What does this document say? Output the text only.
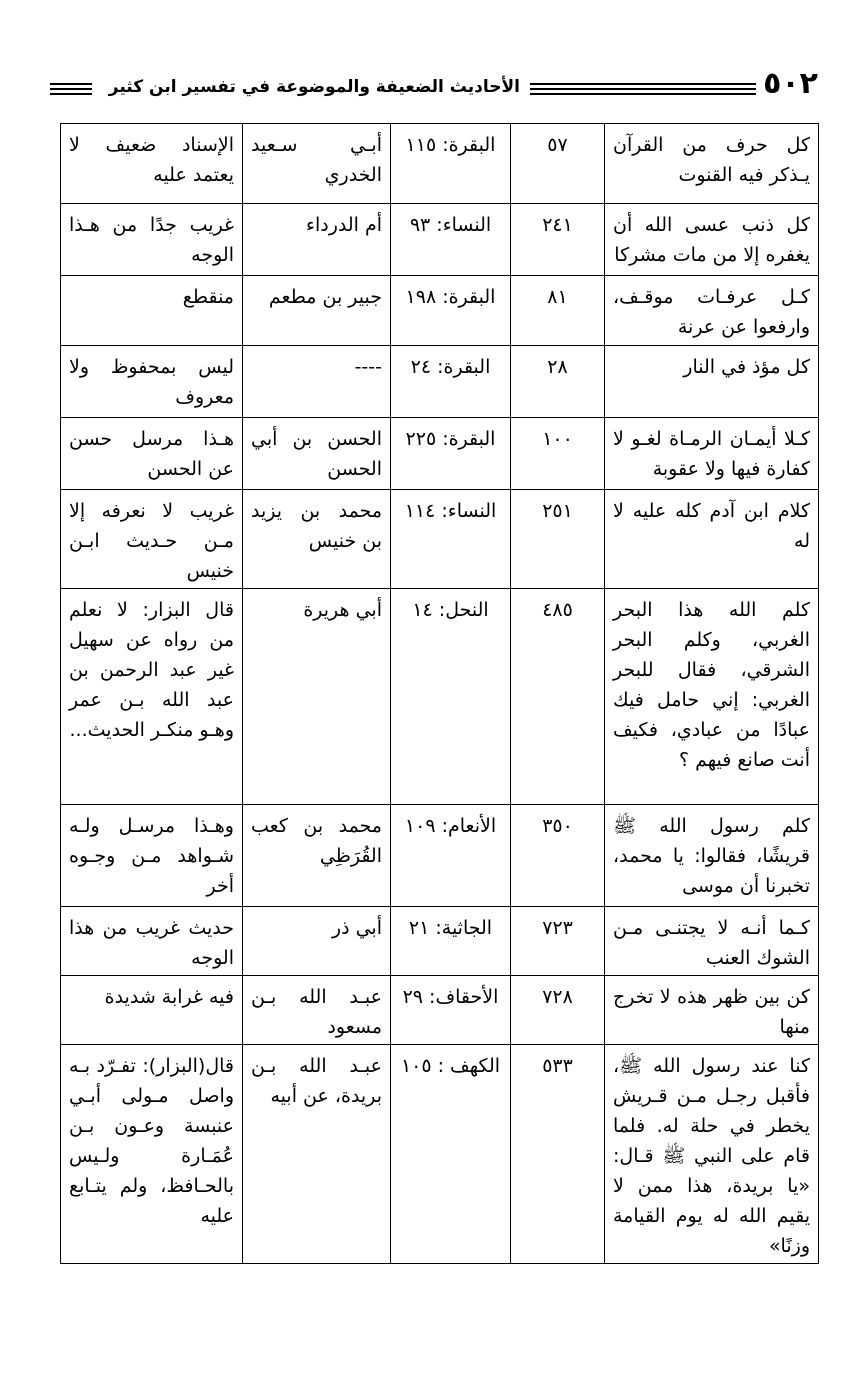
٥٠٢
الأحاديث الضعيفة والموضوعة في تفسير ابن كثير
كل حرف من القرآن يـذكر فيه القنوت	٥٧	البقرة: ١١٥	أبـي سـعيد الخدري	الإسناد ضعيف لا يعتمد عليه
كل ذنب عسى الله أن يغفره إلا من مات مشركا	٢٤١	النساء: ٩٣	أم الدرداء	غريب جدًا من هـذا الوجه
كـل عرفـات موقـف، وارفعوا عن عرنة	٨١	البقرة: ١٩٨	جبير بن مطعم	منقطع
كل مؤذ في النار	٢٨	البقرة: ٢٤	----	ليس بمحفوظ ولا معروف
كـلا أيمـان الرمـاة لغـو لا كفارة فيها ولا عقوبة	١٠٠	البقرة: ٢٢٥	الحسن بن أبي الحسن	هـذا مرسل حسن عن الحسن
كلام ابن آدم كله عليه لا له	٢٥١	النساء: ١١٤	محمد بن يزيد بن خنيس	غريب لا نعرفه إلا مـن حـديث ابـن خنيس
كلم الله هذا البحر الغربي، وكلم البحر الشرقي، فقال للبحر الغربي: إني حامل فيك عبادًا من عبادي، فكيف أنت صانع فيهم ؟	٤٨٥	النحل: ١٤	أبي هريرة	قال البزار: لا نعلم من رواه عن سهيل غير عبد الرحمن بن عبد الله بـن عمر وهـو منكـر الحديث...
كلم رسول الله ﷺ قريشًا، فقالوا: يا محمد، تخبرنا أن موسى	٣٥٠	الأنعام: ١٠٩	محمد بن كعب القُرَظِي	وهـذا مرسـل ولـه شـواهد مـن وجـوه أخر
كـما أنـه لا يجتنـى مـن الشوك العنب	٧٢٣	الجاثية: ٢١	أبي ذر	حديث غريب من هذا الوجه
كن بين ظهر هذه لا تخرج منها	٧٢٨	الأحقاف: ٢٩	عبـد الله بـن مسعود	فيه غرابة شديدة
كنا عند رسول الله ﷺ، فأقبل رجـل مـن قـريش يخطر في حلة له. فلما قام على النبي ﷺ قـال: «يا بريدة، هذا ممن لا يقيم الله له يوم القيامة وزنًا»	٥٣٣	الكهف : ١٠٥	عبـد الله بـن بريدة، عن أبيه	قال(البزار): تفـرّد بـه واصل مـولى أبـي عنبسة وعـون بـن عُمَـارة ولـيس بالحـافظ، ولم يتـابع عليه
